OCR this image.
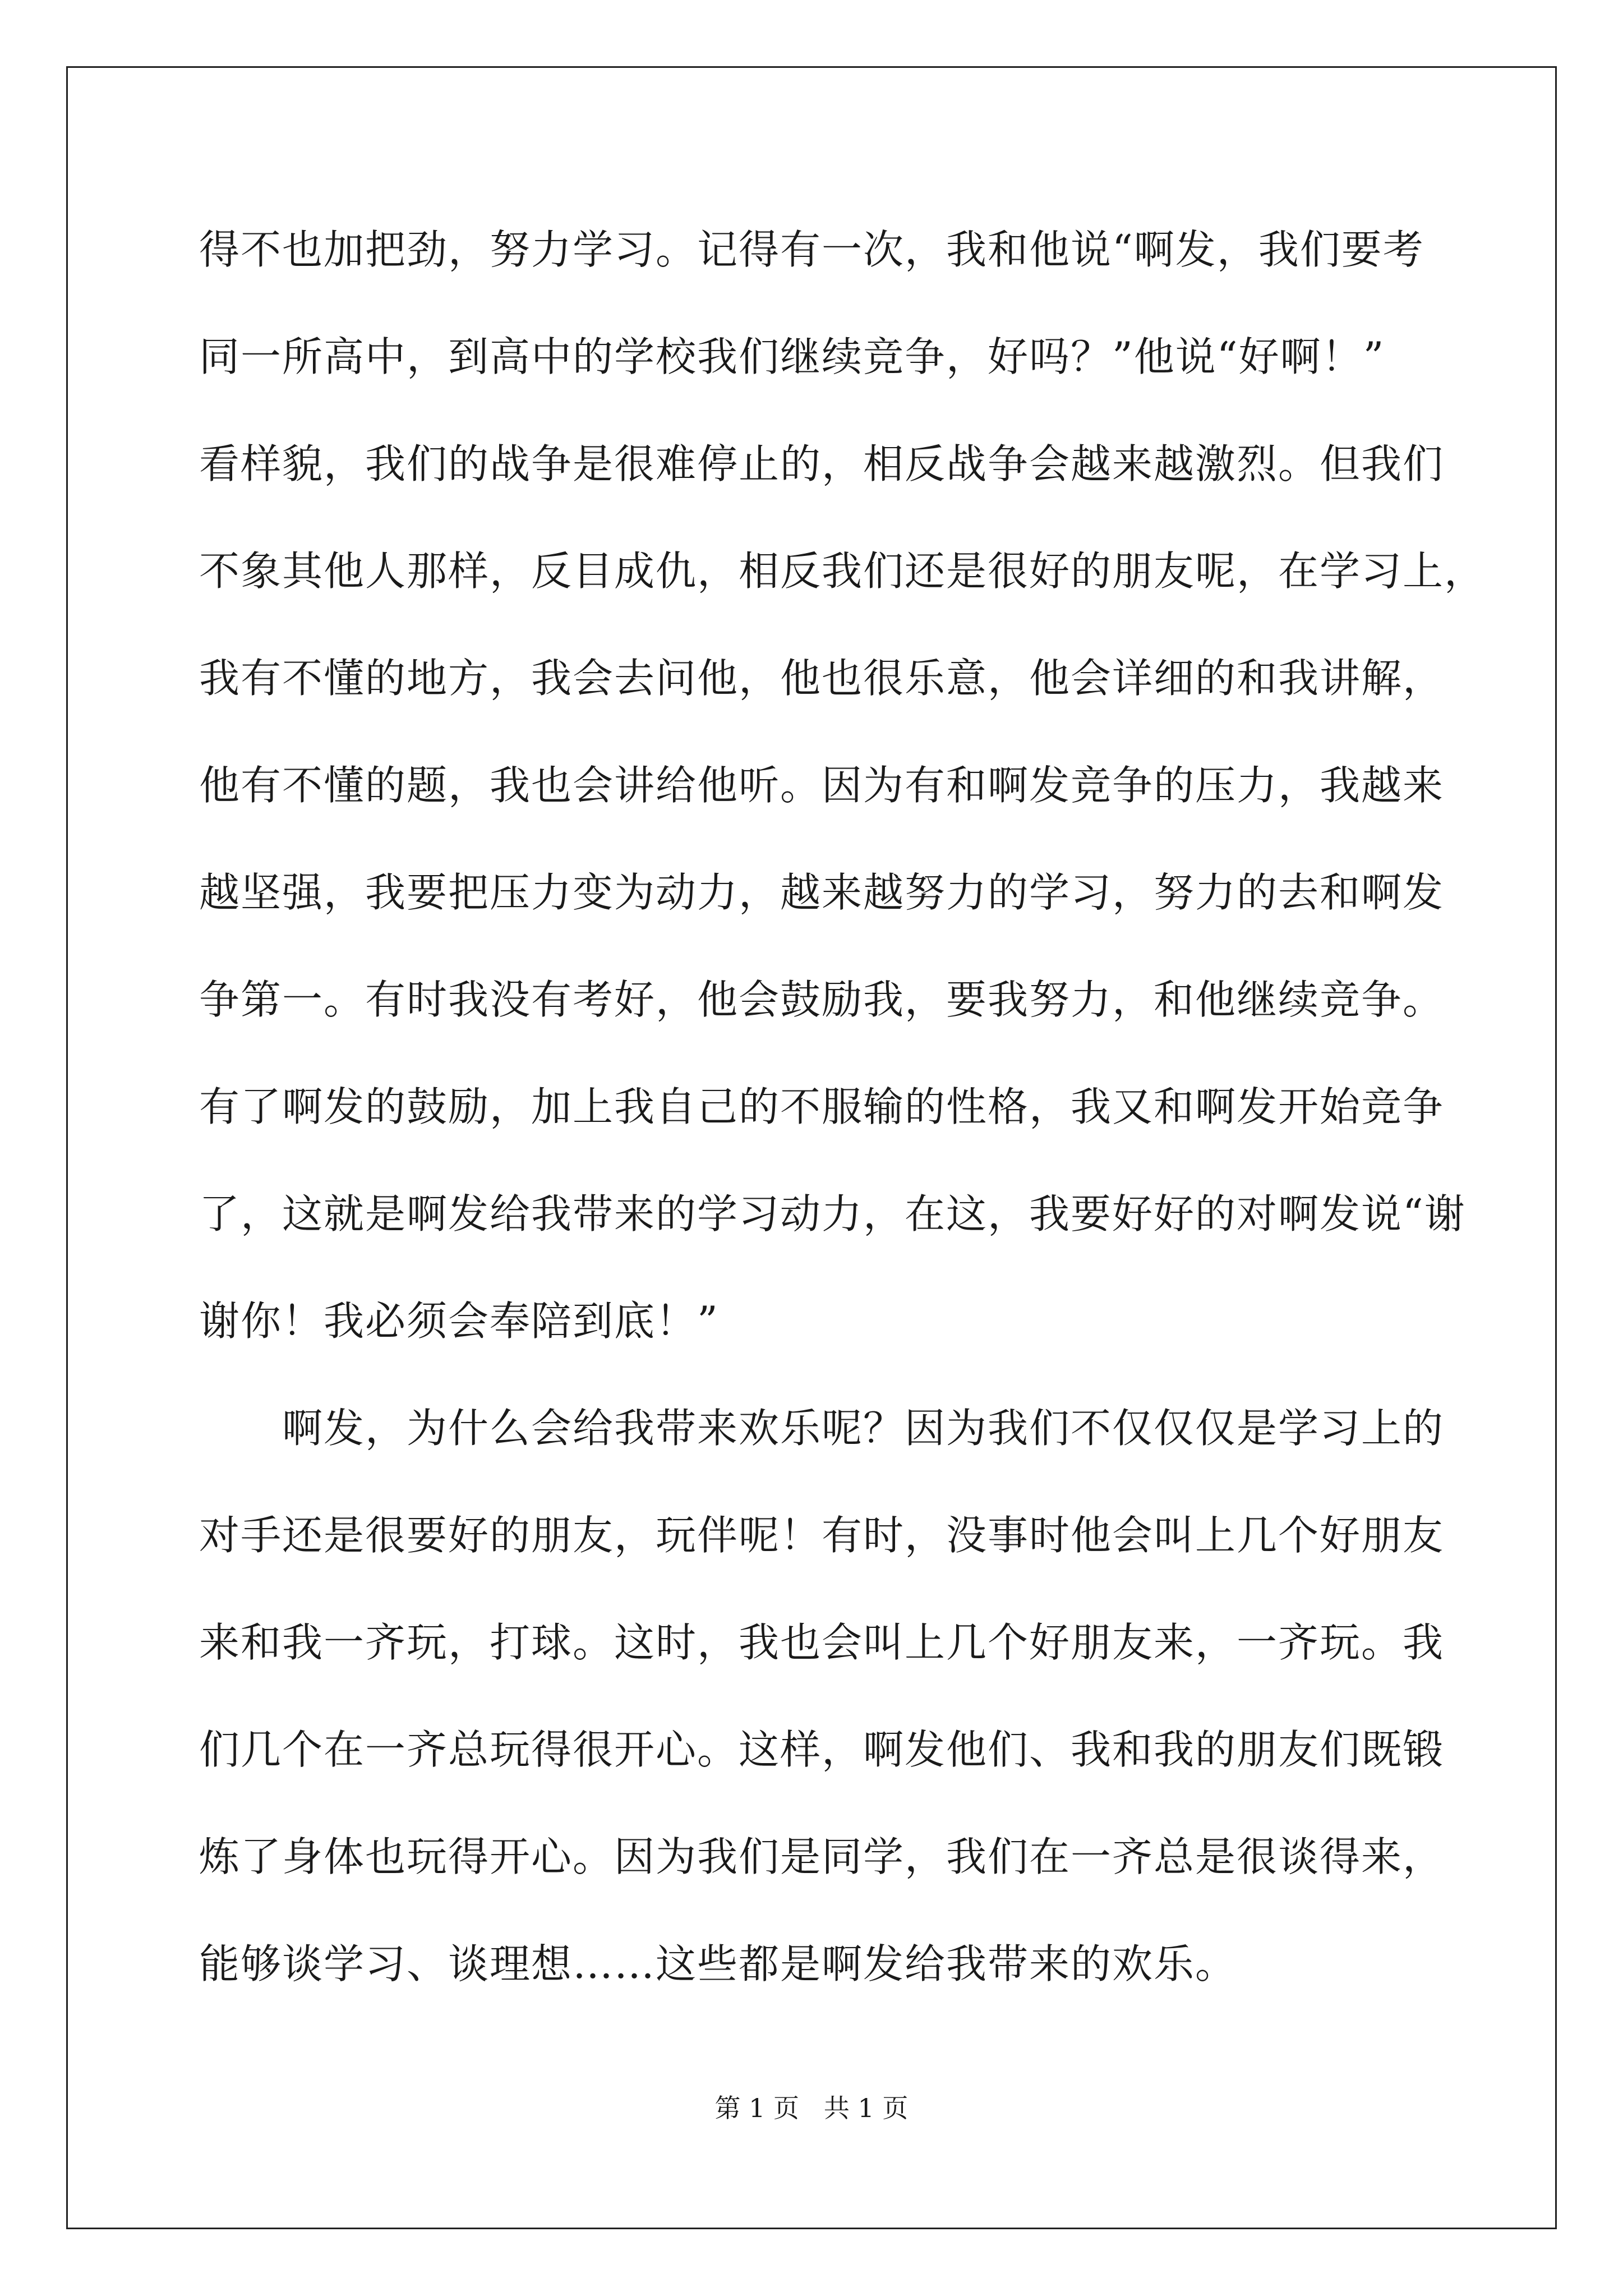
得不也加把劲，努力学习。记得有一次，我和他说“啊发，我们要考
同一所高中，到高中的学校我们继续竞争，好吗？”他说“好啊！”
看样貌，我们的战争是很难停止的，相反战争会越来越激烈。但我们
不象其他人那样，反目成仇，相反我们还是很好的朋友呢，在学习上，
我有不懂的地方，我会去问他，他也很乐意，他会详细的和我讲解，
他有不懂的题，我也会讲给他听。因为有和啊发竞争的压力，我越来
越坚强，我要把压力变为动力，越来越努力的学习，努力的去和啊发
争第一。有时我没有考好，他会鼓励我，要我努力，和他继续竞争。
有了啊发的鼓励，加上我自己的不服输的性格，我又和啊发开始竞争
了，这就是啊发给我带来的学习动力，在这，我要好好的对啊发说“谢
谢你！我必须会奉陪到底！”
　　啊发，为什么会给我带来欢乐呢？因为我们不仅仅仅是学习上的
对手还是很要好的朋友，玩伴呢！有时，没事时他会叫上几个好朋友
来和我一齐玩，打球。这时，我也会叫上几个好朋友来，一齐玩。我
们几个在一齐总玩得很开心。这样，啊发他们、我和我的朋友们既锻
炼了身体也玩得开心。因为我们是同学，我们在一齐总是很谈得来，
能够谈学习、谈理想……这些都是啊发给我带来的欢乐。
第 1 页   共 1 页
